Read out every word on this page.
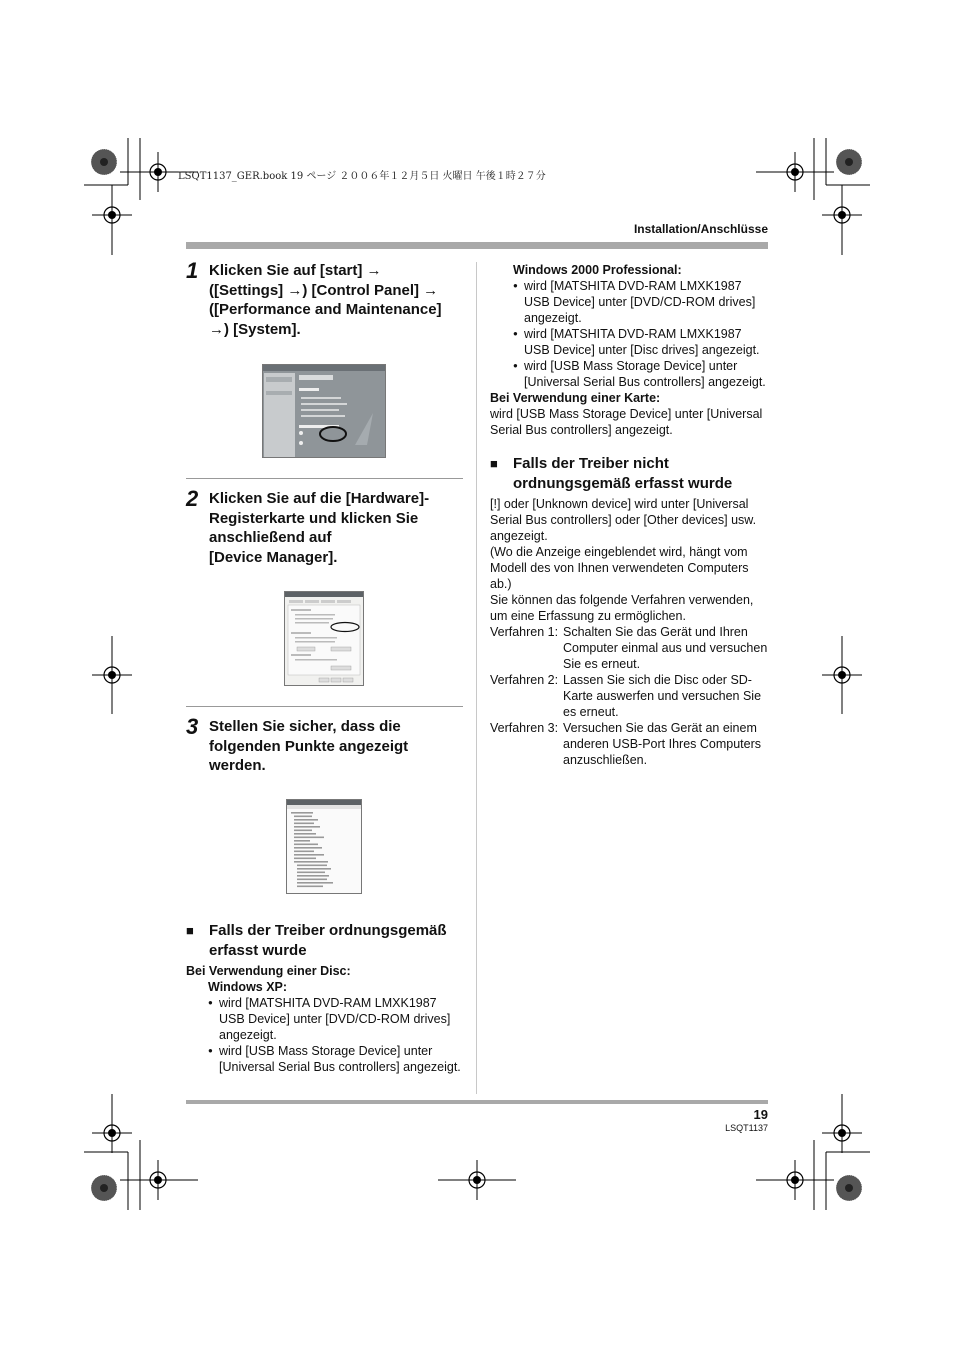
LSQT1137_GER.book 19 ページ ２００６年１２月５日 火曜日 午後１時２７分
Installation/Anschlüsse
1 Klicken Sie auf [start] →
([Settings] →) [Control Panel] →
([Performance and Maintenance]
→) [System].
2 Klicken Sie auf die [Hardware]-
Registerkarte und klicken Sie
anschließend auf
[Device Manager].
3 Stellen Sie sicher, dass die
folgenden Punkte angezeigt
werden.
■ Falls der Treiber ordnungsgemäß
erfasst wurde
Bei Verwendung einer Disc:
Windows XP:
● wird [MATSHITA DVD-RAM LMXK1987 USB Device] unter [DVD/CD-ROM drives] angezeigt.
● wird [USB Mass Storage Device] unter [Universal Serial Bus controllers] angezeigt.
Windows 2000 Professional:
● wird [MATSHITA DVD-RAM LMXK1987 USB Device] unter [DVD/CD-ROM drives] angezeigt.
● wird [MATSHITA DVD-RAM LMXK1987 USB Device] unter [Disc drives] angezeigt.
● wird [USB Mass Storage Device] unter [Universal Serial Bus controllers] angezeigt.
Bei Verwendung einer Karte:
wird [USB Mass Storage Device] unter [Universal Serial Bus controllers] angezeigt.
■ Falls der Treiber nicht
ordnungsgemäß erfasst wurde
[!] oder [Unknown device] wird unter [Universal Serial Bus controllers] oder [Other devices] usw. angezeigt.
(Wo die Anzeige eingeblendet wird, hängt vom Modell des von Ihnen verwendeten Computers ab.)
Sie können das folgende Verfahren verwenden, um eine Erfassung zu ermöglichen.
Verfahren 1: Schalten Sie das Gerät und Ihren Computer einmal aus und versuchen Sie es erneut.
Verfahren 2: Lassen Sie sich die Disc oder SD-Karte auswerfen und versuchen Sie es erneut.
Verfahren 3: Versuchen Sie das Gerät an einem anderen USB-Port Ihres Computers anzuschließen.
19
LSQT1137
